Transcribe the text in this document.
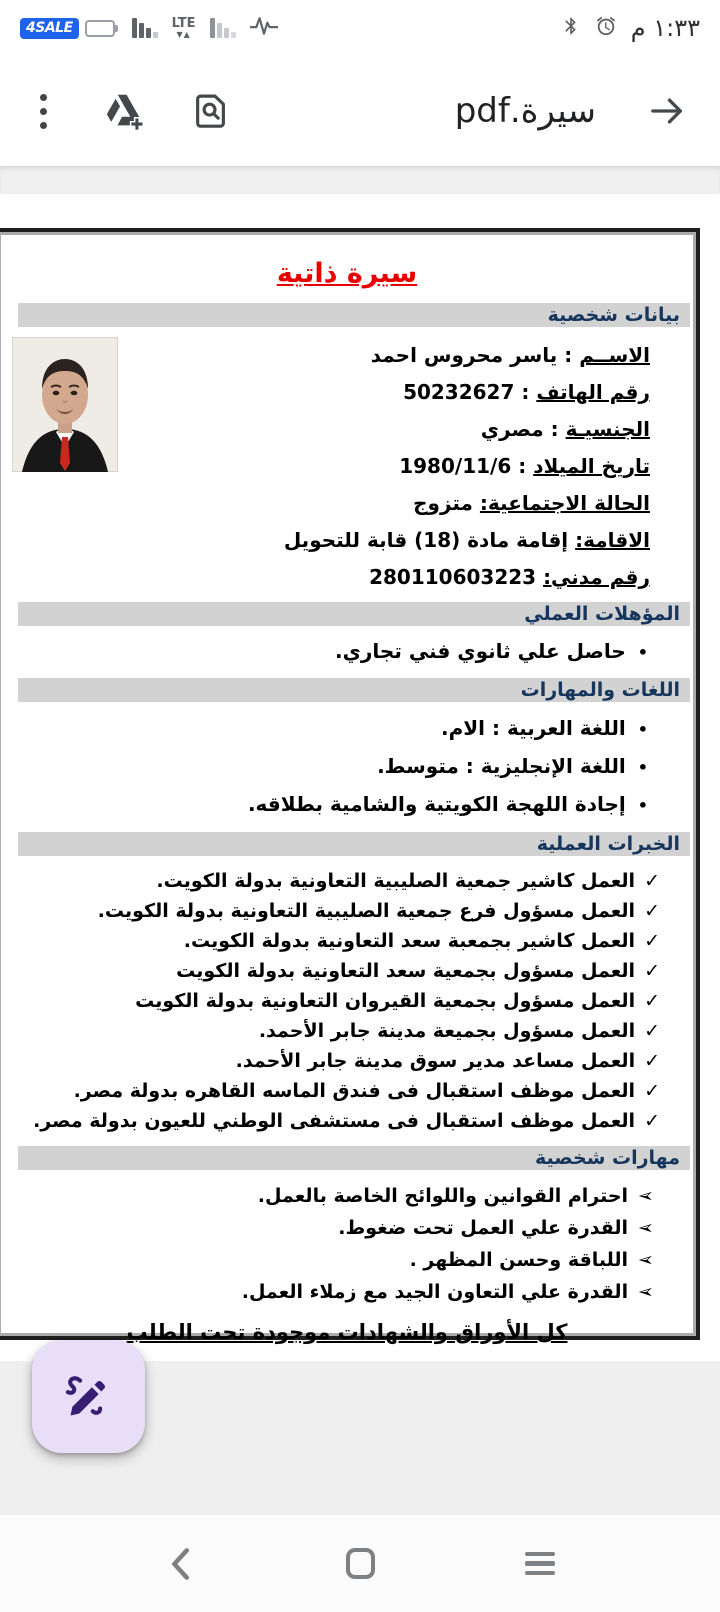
4SALE	LTE
▼▲	١:٣٣ م
سيرة.pdf
سيرة ذاتية
بيانات شخصية
الاســم : ياسر محروس احمد
رقم الهاتف : 50232627
الجنسيـة : مصري
تاريخ الميلاد : 1980/11/6
الحالة الاجتماعية: متزوج
الاقامة: إقامة مادة (18) قابة للتحويل
رقم مدني: 280110603223
المؤهلات العملي
•حاصل علي ثانوي فني تجاري.
اللغات والمهارات
•اللغة العربية : الام.
•اللغة الإنجليزية : متوسط.
•إجادة اللهجة الكويتية والشامية بطلاقه.
الخبرات العملية
✓العمل كاشير جمعية الصليبية التعاونية بدولة الكويت.
✓العمل مسؤول فرع جمعية الصليبية التعاونية بدولة الكويت.
✓العمل كاشير بجمعبة سعد التعاونية بدولة الكويت.
✓العمل مسؤول بجمعية سعد التعاونية بدولة الكويت
✓العمل مسؤول بجمعية القيروان التعاونية بدولة الكويت
✓العمل مسؤول بجميعة مدينة جابر الأحمد.
✓العمل مساعد مدير سوق مدينة جابر الأحمد.
✓العمل موظف استقبال فى فندق الماسه القاهره بدولة مصر.
✓العمل موظف استقبال فى مستشفى الوطني للعيون بدولة مصر.
مهارات شخصية
➢احترام القوانين واللوائح الخاصة بالعمل.
➢القدرة علي العمل تحت ضغوط.
➢اللباقة وحسن المظهر .
➢القدرة علي التعاون الجيد مع زملاء العمل.
كل الأوراق والشهادات موجودة تحت الطلب
